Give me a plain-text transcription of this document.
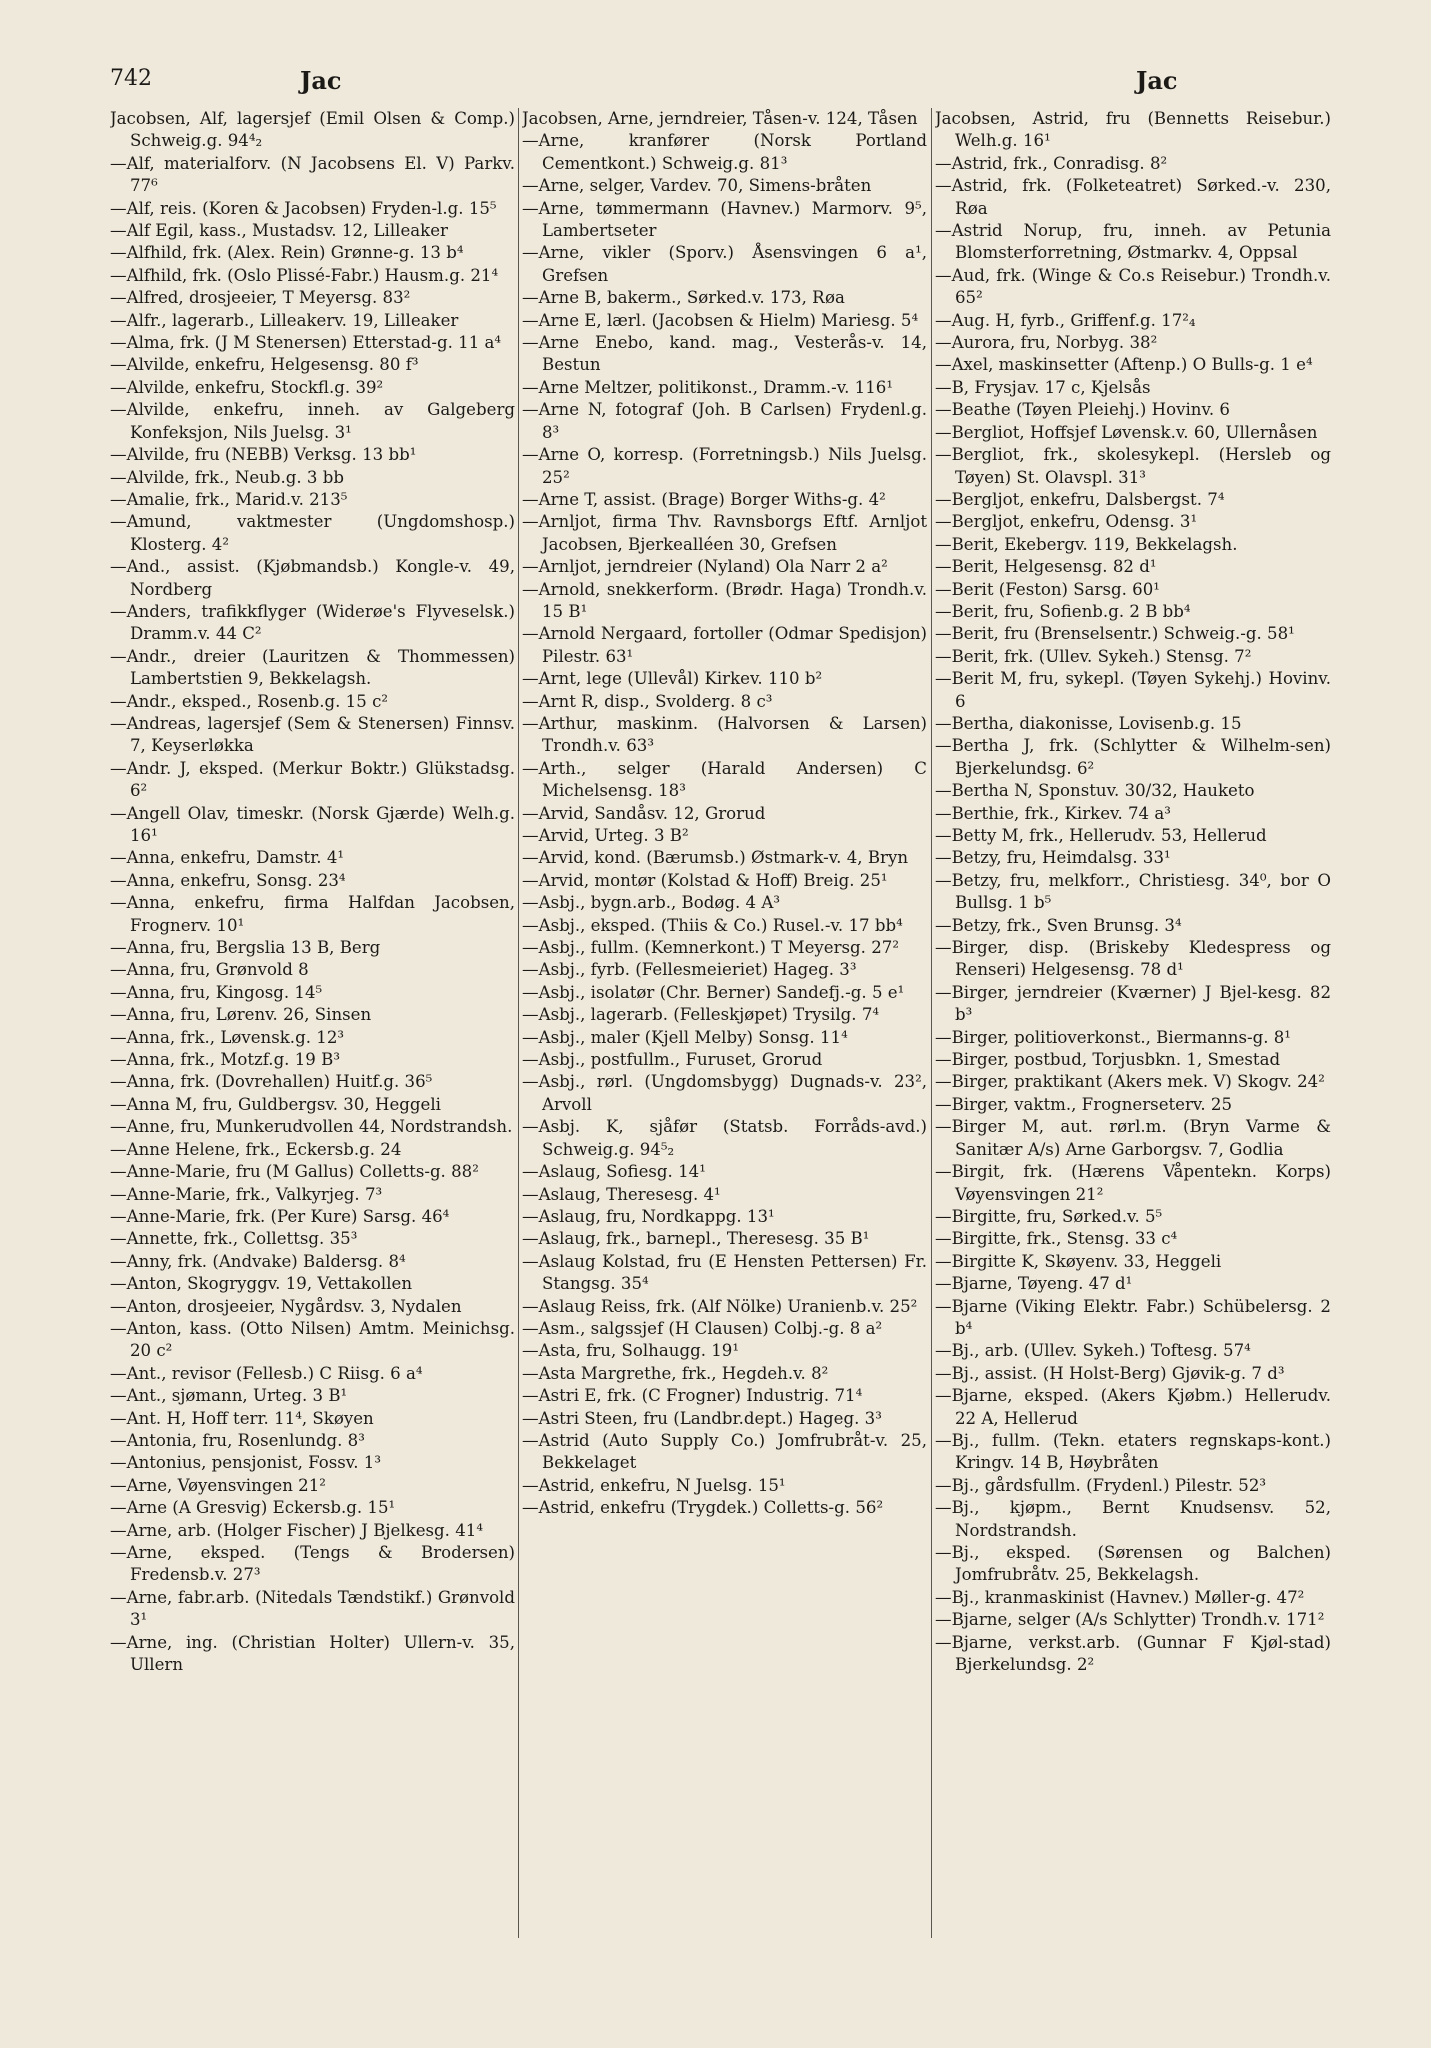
742	Jac	Jac

Jacobsen, Alf, lagersjef (Emil Olsen & Comp.) Schweig.g. 94⁴₂

—Alf, materialforv. (N Jacobsens El. V) Parkv. 77⁶

—Alf, reis. (Koren & Jacobsen) Fryden-l.g. 15⁵

—Alf Egil, kass., Mustadsv. 12, Lilleaker

—Alfhild, frk. (Alex. Rein) Grønne-g. 13 b⁴

—Alfhild, frk. (Oslo Plissé-Fabr.) Hausm.g. 21⁴

—Alfred, drosjeeier, T Meyersg. 83²

—Alfr., lagerarb., Lilleakerv. 19, Lilleaker

—Alma, frk. (J M Stenersen) Etterstad-g. 11 a⁴

—Alvilde, enkefru, Helgesensg. 80 f³

—Alvilde, enkefru, Stockfl.g. 39²

—Alvilde, enkefru, inneh. av Galgeberg Konfeksjon, Nils Juelsg. 3¹

—Alvilde, fru (NEBB) Verksg. 13 bb¹

—Alvilde, frk., Neub.g. 3 bb

—Amalie, frk., Marid.v. 213⁵

—Amund, vaktmester (Ungdomshosp.) Klosterg. 4²

—And., assist. (Kjøbmandsb.) Kongle-v. 49, Nordberg

—Anders, trafikkflyger (Widerøe's Flyveselsk.) Dramm.v. 44 C²

—Andr., dreier (Lauritzen & Thommessen) Lambertstien 9, Bekkelagsh.

—Andr., eksped., Rosenb.g. 15 c²

—Andreas, lagersjef (Sem & Stenersen) Finnsv. 7, Keyserløkka

—Andr. J, eksped. (Merkur Boktr.) Glükstadsg. 6²

—Angell Olav, timeskr. (Norsk Gjærde) Welh.g. 16¹

—Anna, enkefru, Damstr. 4¹

—Anna, enkefru, Sonsg. 23⁴

—Anna, enkefru, firma Halfdan Jacobsen, Frognerv. 10¹

—Anna, fru, Bergslia 13 B, Berg

—Anna, fru, Grønvold 8

—Anna, fru, Kingosg. 14⁵

—Anna, fru, Lørenv. 26, Sinsen

—Anna, frk., Løvensk.g. 12³

—Anna, frk., Motzf.g. 19 B³

—Anna, frk. (Dovrehallen) Huitf.g. 36⁵

—Anna M, fru, Guldbergsv. 30, Heggeli

—Anne, fru, Munkerudvollen 44, Nordstrandsh.

—Anne Helene, frk., Eckersb.g. 24

—Anne-Marie, fru (M Gallus) Colletts-g. 88²

—Anne-Marie, frk., Valkyrjeg. 7³

—Anne-Marie, frk. (Per Kure) Sarsg. 46⁴

—Annette, frk., Collettsg. 35³

—Anny, frk. (Andvake) Baldersg. 8⁴

—Anton, Skogryggv. 19, Vettakollen

—Anton, drosjeeier, Nygårdsv. 3, Nydalen

—Anton, kass. (Otto Nilsen) Amtm. Meinichsg. 20 c²

—Ant., revisor (Fellesb.) C Riisg. 6 a⁴

—Ant., sjømann, Urteg. 3 B¹

—Ant. H, Hoff terr. 11⁴, Skøyen

—Antonia, fru, Rosenlundg. 8³

—Antonius, pensjonist, Fossv. 1³

—Arne, Vøyensvingen 21²

—Arne (A Gresvig) Eckersb.g. 15¹

—Arne, arb. (Holger Fischer) J Bjelkesg. 41⁴

—Arne, eksped. (Tengs & Brodersen) Fredensb.v. 27³

—Arne, fabr.arb. (Nitedals Tændstikf.) Grønvold 3¹

—Arne, ing. (Christian Holter) Ullern-v. 35, Ullern

Jacobsen, Arne, jerndreier, Tåsen-v. 124, Tåsen

—Arne, kranfører (Norsk Portland Cementkont.) Schweig.g. 81³

—Arne, selger, Vardev. 70, Simens-bråten

—Arne, tømmermann (Havnev.) Marmorv. 9⁵, Lambertseter

—Arne, vikler (Sporv.) Åsensvingen 6 a¹, Grefsen

—Arne B, bakerm., Sørked.v. 173, Røa

—Arne E, lærl. (Jacobsen & Hielm) Mariesg. 5⁴

—Arne Enebo, kand. mag., Vesterås-v. 14, Bestun

—Arne Meltzer, politikonst., Dramm.-v. 116¹

—Arne N, fotograf (Joh. B Carlsen) Frydenl.g. 8³

—Arne O, korresp. (Forretningsb.) Nils Juelsg. 25²

—Arne T, assist. (Brage) Borger Withs-g. 4²

—Arnljot, firma Thv. Ravnsborgs Eftf. Arnljot Jacobsen, Bjerkealléen 30, Grefsen

—Arnljot, jerndreier (Nyland) Ola Narr 2 a²

—Arnold, snekkerform. (Brødr. Haga) Trondh.v. 15 B¹

—Arnold Nergaard, fortoller (Odmar Spedisjon) Pilestr. 63¹

—Arnt, lege (Ullevål) Kirkev. 110 b²

—Arnt R, disp., Svolderg. 8 c³

—Arthur, maskinm. (Halvorsen & Larsen) Trondh.v. 63³

—Arth., selger (Harald Andersen) C Michelsensg. 18³

—Arvid, Sandåsv. 12, Grorud

—Arvid, Urteg. 3 B²

—Arvid, kond. (Bærumsb.) Østmark-v. 4, Bryn

—Arvid, montør (Kolstad & Hoff) Breig. 25¹

—Asbj., bygn.arb., Bodøg. 4 A³

—Asbj., eksped. (Thiis & Co.) Rusel.-v. 17 bb⁴

—Asbj., fullm. (Kemnerkont.) T Meyersg. 27²

—Asbj., fyrb. (Fellesmeieriet) Hageg. 3³

—Asbj., isolatør (Chr. Berner) Sandefj.-g. 5 e¹

—Asbj., lagerarb. (Felleskjøpet) Trysilg. 7⁴

—Asbj., maler (Kjell Melby) Sonsg. 11⁴

—Asbj., postfullm., Furuset, Grorud

—Asbj., rørl. (Ungdomsbygg) Dugnads-v. 23², Arvoll

—Asbj. K, sjåfør (Statsb. Forråds-avd.) Schweig.g. 94⁵₂

—Aslaug, Sofiesg. 14¹

—Aslaug, Theresesg. 4¹

—Aslaug, fru, Nordkappg. 13¹

—Aslaug, frk., barnepl., Theresesg. 35 B¹

—Aslaug Kolstad, fru (E Hensten Pettersen) Fr. Stangsg. 35⁴

—Aslaug Reiss, frk. (Alf Nölke) Uranienb.v. 25²

—Asm., salgssjef (H Clausen) Colbj.-g. 8 a²

—Asta, fru, Solhaugg. 19¹

—Asta Margrethe, frk., Hegdeh.v. 8²

—Astri E, frk. (C Frogner) Industrig. 71⁴

—Astri Steen, fru (Landbr.dept.) Hageg. 3³

—Astrid (Auto Supply Co.) Jomfrubråt-v. 25, Bekkelaget

—Astrid, enkefru, N Juelsg. 15¹

—Astrid, enkefru (Trygdek.) Colletts-g. 56²

Jacobsen, Astrid, fru (Bennetts Reisebur.) Welh.g. 16¹

—Astrid, frk., Conradisg. 8²

—Astrid, frk. (Folketeatret) Sørked.-v. 230, Røa

—Astrid Norup, fru, inneh. av Petunia Blomsterforretning, Østmarkv. 4, Oppsal

—Aud, frk. (Winge & Co.s Reisebur.) Trondh.v. 65²

—Aug. H, fyrb., Griffenf.g. 17²₄

—Aurora, fru, Norbyg. 38²

—Axel, maskinsetter (Aftenp.) O Bulls-g. 1 e⁴

—B, Frysjav. 17 c, Kjelsås

—Beathe (Tøyen Pleiehj.) Hovinv. 6

—Bergliot, Hoffsjef Løvensk.v. 60, Ullernåsen

—Bergliot, frk., skolesykepl. (Hersleb og Tøyen) St. Olavspl. 31³

—Bergljot, enkefru, Dalsbergst. 7⁴

—Bergljot, enkefru, Odensg. 3¹

—Berit, Ekebergv. 119, Bekkelagsh.

—Berit, Helgesensg. 82 d¹

—Berit (Feston) Sarsg. 60¹

—Berit, fru, Sofienb.g. 2 B bb⁴

—Berit, fru (Brenselsentr.) Schweig.-g. 58¹

—Berit, frk. (Ullev. Sykeh.) Stensg. 7²

—Berit M, fru, sykepl. (Tøyen Sykehj.) Hovinv. 6

—Bertha, diakonisse, Lovisenb.g. 15

—Bertha J, frk. (Schlytter & Wilhelm-sen) Bjerkelundsg. 6²

—Bertha N, Sponstuv. 30/32, Hauketo

—Berthie, frk., Kirkev. 74 a³

—Betty M, frk., Hellerudv. 53, Hellerud

—Betzy, fru, Heimdalsg. 33¹

—Betzy, fru, melkforr., Christiesg. 34⁰, bor O Bullsg. 1 b⁵

—Betzy, frk., Sven Brunsg. 3⁴

—Birger, disp. (Briskeby Kledespress og Renseri) Helgesensg. 78 d¹

—Birger, jerndreier (Kværner) J Bjel-kesg. 82 b³

—Birger, politioverkonst., Biermanns-g. 8¹

—Birger, postbud, Torjusbkn. 1, Smestad

—Birger, praktikant (Akers mek. V) Skogv. 24²

—Birger, vaktm., Frognerseterv. 25

—Birger M, aut. rørl.m. (Bryn Varme & Sanitær A/s) Arne Garborgsv. 7, Godlia

—Birgit, frk. (Hærens Våpentekn. Korps) Vøyensvingen 21²

—Birgitte, fru, Sørked.v. 5⁵

—Birgitte, frk., Stensg. 33 c⁴

—Birgitte K, Skøyenv. 33, Heggeli

—Bjarne, Tøyeng. 47 d¹

—Bjarne (Viking Elektr. Fabr.) Schübelersg. 2 b⁴

—Bj., arb. (Ullev. Sykeh.) Toftesg. 57⁴

—Bj., assist. (H Holst-Berg) Gjøvik-g. 7 d³

—Bjarne, eksped. (Akers Kjøbm.) Hellerudv. 22 A, Hellerud

—Bj., fullm. (Tekn. etaters regnskaps-kont.) Kringv. 14 B, Høybråten

—Bj., gårdsfullm. (Frydenl.) Pilestr. 52³

—Bj., kjøpm., Bernt Knudsensv. 52, Nordstrandsh.

—Bj., eksped. (Sørensen og Balchen) Jomfrubråtv. 25, Bekkelagsh.

—Bj., kranmaskinist (Havnev.) Møller-g. 47²

—Bjarne, selger (A/s Schlytter) Trondh.v. 171²

—Bjarne, verkst.arb. (Gunnar F Kjøl-stad) Bjerkelundsg. 2²
